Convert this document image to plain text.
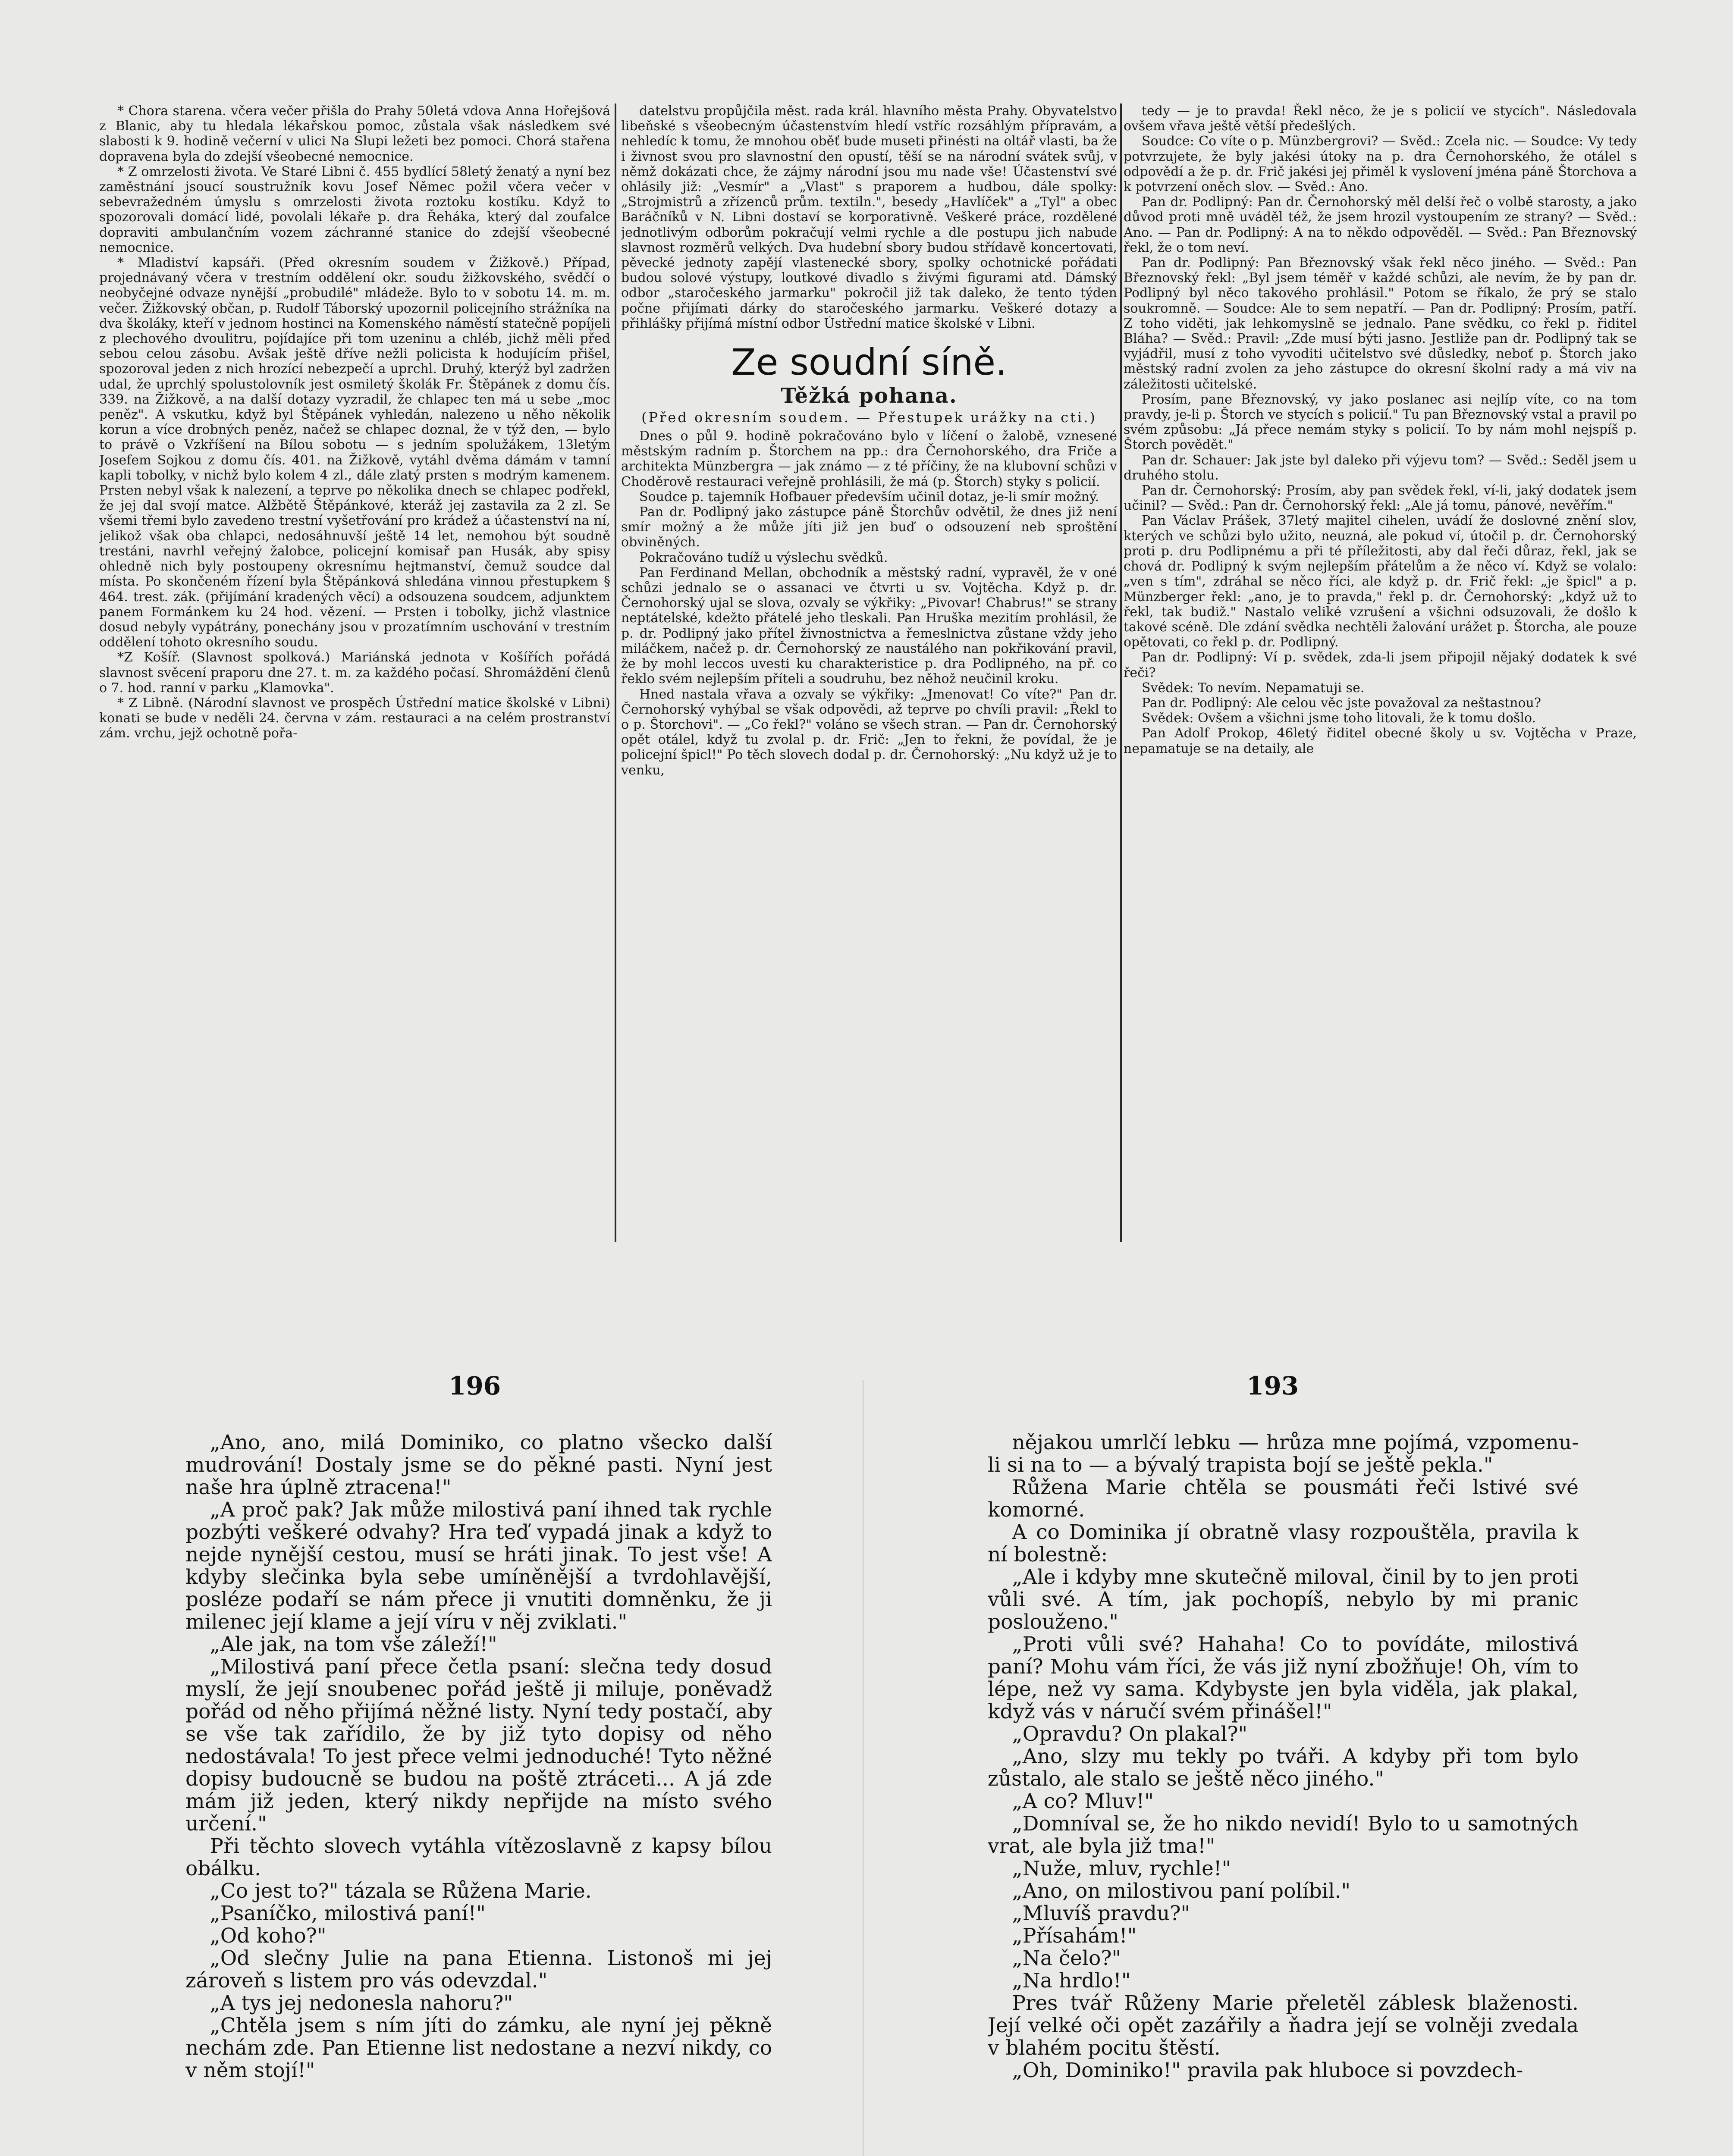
* Chora starena. včera večer přišla do Prahy 50letá vdova Anna Hořejšová z Blanic, aby tu hledala lékařskou pomoc, zůstala však následkem své slabosti k 9. hodině večerní v ulici Na Slupi ležeti bez pomoci. Chorá stařena dopravena byla do zdejší všeobecné nemocnice.

* Z omrzelosti života. Ve Staré Libni č. 455 bydlící 58letý ženatý a nyní bez zaměstnání jsoucí soustružník kovu Josef Němec požil včera večer v sebevražedném úmyslu s omrzelosti života roztoku kostíku. Když to spozorovali domácí lidé, povolali lékaře p. dra Řeháka, který dal zoufalce dopraviti ambulančním vozem záchranné stanice do zdejší všeobecné nemocnice.

* Mladiství kapsáři. (Před okresním soudem v Žižkově.) Případ, projednávaný včera v trestním oddělení okr. soudu žižkovského, svědčí o neobyčejné odvaze nynější „probudilé" mládeže. Bylo to v sobotu 14. m. m. večer. Žižkovský občan, p. Rudolf Táborský upozornil policejního strážníka na dva školáky, kteří v jednom hostinci na Komenského náměstí statečně popíjeli z plechového dvoulitru, pojídajíce při tom uzeninu a chléb, jichž měli před sebou celou zásobu. Avšak ještě dříve nežli policista k hodujícím přišel, spozoroval jeden z nich hrozící nebezpečí a uprchl. Druhý, kterýž byl zadržen udal, že uprchlý spolustolovník jest osmiletý školák Fr. Štěpánek z domu čís. 339. na Žižkově, a na další dotazy vyzradil, že chlapec ten má u sebe „moc peněz". A vskutku, když byl Štěpánek vyhledán, nalezeno u něho několik korun a více drobných peněz, načež se chlapec doznal, že v týž den, — bylo to právě o Vzkříšení na Bílou sobotu — s jedním spolužákem, 13letým Josefem Sojkou z domu čís. 401. na Žižkově, vytáhl dvěma dámám v tamní kapli tobolky, v nichž bylo kolem 4 zl., dále zlatý prsten s modrým kamenem. Prsten nebyl však k nalezení, a teprve po několika dnech se chlapec podřekl, že jej dal svojí matce. Alžbětě Štěpánkové, kteráž jej zastavila za 2 zl. Se všemi třemi bylo zavedeno trestní vyšetřování pro krádež a účastenství na ní, jelikož však oba chlapci, nedosáhnuvší ještě 14 let, nemohou být soudně trestáni, navrhl veřejný žalobce, policejní komisař pan Husák, aby spisy ohledně nich byly postoupeny okresnímu hejtmanství, čemuž soudce dal místa. Po skončeném řízení byla Štěpánková shledána vinnou přestupkem § 464. trest. zák. (přijímání kradených věcí) a odsouzena soudcem, adjunktem panem Formánkem ku 24 hod. vězení. — Prsten i tobolky, jichž vlastnice dosud nebyly vypátrány, ponechány jsou v prozatímním uschování v trestním oddělení tohoto okresního soudu.

*Z Košíř. (Slavnost spolková.) Mariánská jednota v Košířích pořádá slavnost svěcení praporu dne 27. t. m. za každého počasí. Shromáždění členů o 7. hod. ranní v parku „Klamovka".

* Z Libně. (Národní slavnost ve prospěch Ústřední matice školské v Libni) konati se bude v neděli 24. června v zám. restauraci a na celém prostranství zám. vrchu, jejž ochotně pořa-

datelstvu propůjčila měst. rada král. hlavního města Prahy. Obyvatelstvo libeňské s všeobecným účastenstvím hledí vstříc rozsáhlým přípravám, a nehledíc k tomu, že mnohou oběť bude museti přinésti na oltář vlasti, ba že i živnost svou pro slavnostní den opustí, těší se na národní svátek svůj, v němž dokázati chce, že zájmy národní jsou mu nade vše! Účastenství své ohlásily již: „Vesmír" a „Vlast" s praporem a hudbou, dále spolky: „Strojmistrů a zřízenců prům. textiln.", besedy „Havlíček" a „Tyl" a obec Baráčníků v N. Libni dostaví se korporativně. Veškeré práce, rozdělené jednotlivým odborům pokračují velmi rychle a dle postupu jich nabude slavnost rozměrů velkých. Dva hudební sbory budou střídavě koncertovati, pěvecké jednoty zapějí vlastenecké sbory, spolky ochotnické pořádati budou solové výstupy, loutkové divadlo s živými figurami atd. Dámský odbor „staročeského jarmarku" pokročil již tak daleko, že tento týden počne přijímati dárky do staročeského jarmarku. Veškeré dotazy a přihlášky přijímá místní odbor Ústřední matice školské v Libni.

Ze soudní síně.
Těžká pohana.
(Před okresním soudem. — Přestupek urážky na cti.)

Dnes o půl 9. hodině pokračováno bylo v líčení o žalobě, vznesené městským radním p. Štorchem na pp.: dra Černohorského, dra Friče a architekta Münzbergra — jak známo — z té příčiny, že na klubovní schůzi v Choděrově restauraci veřejně prohlásili, že má (p. Štorch) styky s policií.

Soudce p. tajemník Hofbauer především učinil dotaz, je-li smír možný.

Pan dr. Podlipný jako zástupce páně Štorchův odvětil, že dnes již není smír možný a že může jíti již jen buď o odsouzení neb sproštění obviněných.

Pokračováno tudíž u výslechu svědků.

Pan Ferdinand Mellan, obchodník a městský radní, vypravěl, že v oné schůzi jednalo se o assanaci ve čtvrti u sv. Vojtěcha. Když p. dr. Černohorský ujal se slova, ozvaly se výkřiky: „Pivovar! Chabrus!" se strany neptátelské, kdežto přátelé jeho tleskali. Pan Hruška mezitím prohlásil, že p. dr. Podlipný jako přítel živnostnictva a řemeslnictva zůstane vždy jeho miláčkem, načež p. dr. Černohorský ze naustálého nan pokřikování pravil, že by mohl leccos uvesti ku charakteristice p. dra Podlipného, na př. co řeklo svém nejlepším příteli a soudruhu, bez něhož neučinil kroku.

Hned nastala vřava a ozvaly se výkřiky: „Jmenovat! Co víte?" Pan dr. Černohorský vyhýbal se však odpovědi, až teprve po chvíli pravil: „Řekl to o p. Štorchovi". — „Co řekl?" voláno se všech stran. — Pan dr. Černohorský opět otálel, když tu zvolal p. dr. Frič: „Jen to řekni, že povídal, že je policejní špicl!" Po těch slovech dodal p. dr. Černohorský: „Nu když už je to venku,

tedy — je to pravda! Řekl něco, že je s policií ve stycích". Následovala ovšem vřava ještě větší předešlých.

Soudce: Co víte o p. Münzbergrovi? — Svěd.: Zcela nic. — Soudce: Vy tedy potvrzujete, že byly jakési útoky na p. dra Černohorského, že otálel s odpovědí a že p. dr. Frič jakési jej přiměl k vyslovení jména páně Štorchova a k potvrzení oněch slov. — Svěd.: Ano.

Pan dr. Podlipný: Pan dr. Černohorský měl delší řeč o volbě starosty, a jako důvod proti mně uváděl též, že jsem hrozil vystoupením ze strany? — Svěd.: Ano. — Pan dr. Podlipný: A na to někdo odpověděl. — Svěd.: Pan Březnovský řekl, že o tom neví.

Pan dr. Podlipný: Pan Březnovský však řekl něco jiného. — Svěd.: Pan Březnovský řekl: „Byl jsem téměř v každé schůzi, ale nevím, že by pan dr. Podlipný byl něco takového prohlásil." Potom se říkalo, že prý se stalo soukromně. — Soudce: Ale to sem nepatří. — Pan dr. Podlipný: Prosím, patří. Z toho viděti, jak lehkomyslně se jednalo. Pane svědku, co řekl p. řiditel Bláha? — Svěd.: Pravil: „Zde musí býti jasno. Jestliže pan dr. Podlipný tak se vyjádřil, musí z toho vyvoditi učitelstvo své důsledky, neboť p. Štorch jako městský radní zvolen za jeho zástupce do okresní školní rady a má viv na záležitosti učitelské.

Prosím, pane Březnovský, vy jako poslanec asi nejlíp víte, co na tom pravdy, je-li p. Štorch ve stycích s policií." Tu pan Březnovský vstal a pravil po svém způsobu: „Já přece nemám styky s policií. To by nám mohl nejspíš p. Štorch povědět."

Pan dr. Schauer: Jak jste byl daleko při výjevu tom? — Svěd.: Seděl jsem u druhého stolu.

Pan dr. Černohorský: Prosím, aby pan svědek řekl, ví-li, jaký dodatek jsem učinil? — Svěd.: Pan dr. Černohorský řekl: „Ale já tomu, pánové, nevěřím."

Pan Václav Prášek, 37letý majitel cihelen, uvádí že doslovné znění slov, kterých ve schůzi bylo užito, neuzná, ale pokud ví, útočil p. dr. Černohorský proti p. dru Podlipnému a při té příležitosti, aby dal řeči důraz, řekl, jak se chová dr. Podlipný k svým nejlepším přátelům a že něco ví. Když se volalo: „ven s tím", zdráhal se něco říci, ale když p. dr. Frič řekl: „je špicl" a p. Münzberger řekl: „ano, je to pravda," řekl p. dr. Černohorský: „když už to řekl, tak budiž." Nastalo veliké vzrušení a všichni odsuzovali, že došlo k takové scéně. Dle zdání svědka nechtěli žalování urážet p. Štorcha, ale pouze opětovati, co řekl p. dr. Podlipný.

Pan dr. Podlipný: Ví p. svědek, zda-li jsem připojil nějaký dodatek k své řeči?

Svědek: To nevím. Nepamatuji se.

Pan dr. Podlipný: Ale celou věc jste považoval za neštastnou?

Svědek: Ovšem a všichni jsme toho litovali, že k tomu došlo.

Pan Adolf Prokop, 46letý řiditel obecné školy u sv. Vojtěcha v Praze, nepamatuje se na detaily, ale

196	193

„Ano, ano, milá Dominiko, co platno všecko další mudrování! Dostaly jsme se do pěkné pasti. Nyní jest naše hra úplně ztracena!"

„A proč pak? Jak může milostivá paní ihned tak rychle pozbýti veškeré odvahy? Hra teď vypadá jinak a když to nejde nynější cestou, musí se hráti jinak. To jest vše! A kdyby slečinka byla sebe umíněnější a tvrdohlavější, posléze podaří se nám přece ji vnutiti domněnku, že ji milenec její klame a její víru v něj zviklati."

„Ale jak, na tom vše záleží!"

„Milostivá paní přece četla psaní: slečna tedy dosud myslí, že její snoubenec pořád ještě ji miluje, poněvadž pořád od něho přijímá něžné listy. Nyní tedy postačí, aby se vše tak zařídilo, že by již tyto dopisy od něho nedostávala! To jest přece velmi jednoduché! Tyto něžné dopisy budoucně se budou na poště ztráceti... A já zde mám již jeden, který nikdy nepřijde na místo svého určení."

Při těchto slovech vytáhla vítězoslavně z kapsy bílou obálku.

„Co jest to?" tázala se Růžena Marie.

„Psaníčko, milostivá paní!"

„Od koho?"

„Od slečny Julie na pana Etienna. Listonoš mi jej zároveň s listem pro vás odevzdal."

„A tys jej nedonesla nahoru?"

„Chtěla jsem s ním jíti do zámku, ale nyní jej pěkně nechám zde. Pan Etienne list nedostane a nezví nikdy, co v něm stojí!"

nějakou umrlčí lebku — hrůza mne pojímá, vzpomenu-li si na to — a bývalý trapista bojí se ještě pekla."

Růžena Marie chtěla se pousmáti řeči lstivé své komorné.

A co Dominika jí obratně vlasy rozpouštěla, pravila k ní bolestně:

„Ale i kdyby mne skutečně miloval, činil by to jen proti vůli své. A tím, jak pochopíš, nebylo by mi pranic poslouženo."

„Proti vůli své? Hahaha! Co to povídáte, milostivá paní? Mohu vám říci, že vás již nyní zbožňuje! Oh, vím to lépe, než vy sama. Kdybyste jen byla viděla, jak plakal, když vás v náručí svém přinášel!"

„Opravdu? On plakal?"

„Ano, slzy mu tekly po tváři. A kdyby při tom bylo zůstalo, ale stalo se ještě něco jiného."

„A co? Mluv!"

„Domníval se, že ho nikdo nevidí! Bylo to u samotných vrat, ale byla již tma!"

„Nuže, mluv, rychle!"

„Ano, on milostivou paní políbil."

„Mluvíš pravdu?"

„Přísahám!"

„Na čelo?"

„Na hrdlo!"

Pres tvář Růženy Marie přeletěl záblesk blaženosti. Její velké oči opět zazářily a ňadra její se volněji zvedala v blahém pocitu štěstí.

„Oh, Dominiko!" pravila pak hluboce si povzdech-
